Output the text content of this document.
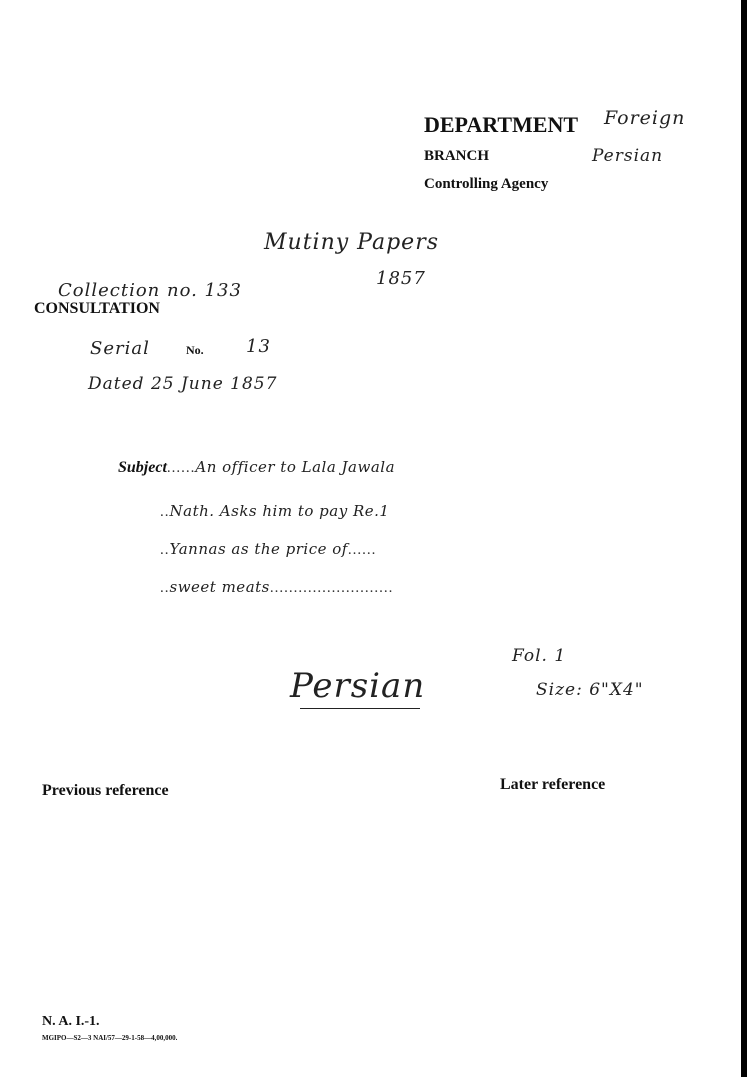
DEPARTMENT Foreign
BRANCH	Persian
Controlling Agency
Mutiny Papers
1857
Collection no. 133
CONSULTATION
Serial	No. 13
Dated 25 June 1857
Subject......An officer to Lala Jawala
..Nath. Asks him to pay Re.1
..Yannas as the price of......
..sweet meats..........................
Persian
Fol. 1
Size: 6"X4"
Previous reference	Later reference
N. A. I.-1.
MGIPO—S2—3 NAI/57—29-1-58—4,00,000.
